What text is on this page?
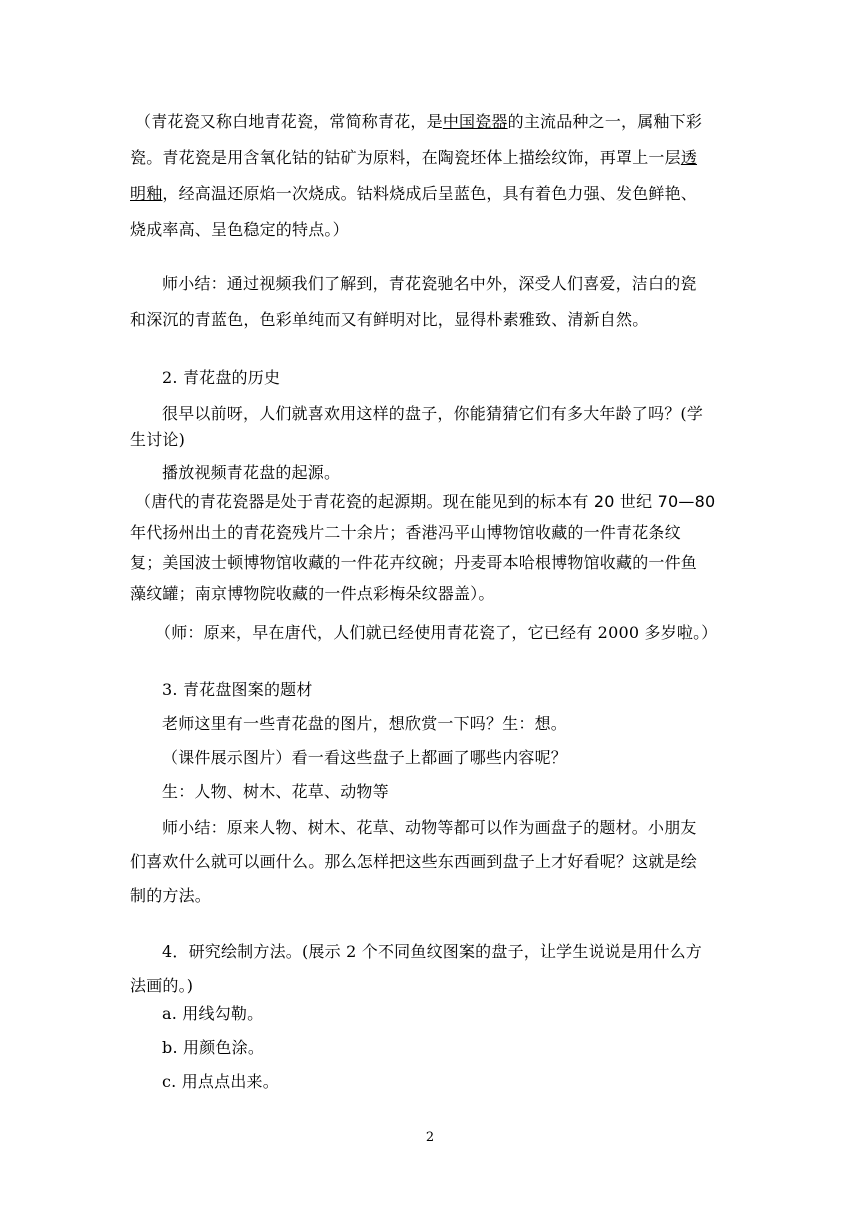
（青花瓷又称白地青花瓷，常简称青花，是中国瓷器的主流品种之一，属釉下彩
瓷。青花瓷是用含氧化钴的钴矿为原料，在陶瓷坯体上描绘纹饰，再罩上一层透
明釉，经高温还原焰一次烧成。钴料烧成后呈蓝色，具有着色力强、发色鲜艳、
烧成率高、呈色稳定的特点。）
师小结：通过视频我们了解到，青花瓷驰名中外，深受人们喜爱，洁白的瓷
和深沉的青蓝色，色彩单纯而又有鲜明对比，显得朴素雅致、清新自然。
2. 青花盘的历史
很早以前呀，人们就喜欢用这样的盘子，你能猜猜它们有多大年龄了吗？(学
生讨论)
播放视频青花盘的起源。
（唐代的青花瓷器是处于青花瓷的起源期。现在能见到的标本有 20 世纪 70—80
年代扬州出土的青花瓷残片二十余片；香港冯平山博物馆收藏的一件青花条纹
复；美国波士顿博物馆收藏的一件花卉纹碗；丹麦哥本哈根博物馆收藏的一件鱼
藻纹罐；南京博物院收藏的一件点彩梅朵纹器盖）。
（师：原来，早在唐代，人们就已经使用青花瓷了，它已经有 2000 多岁啦。）
3. 青花盘图案的题材
老师这里有一些青花盘的图片，想欣赏一下吗？生：想。
（课件展示图片）看一看这些盘子上都画了哪些内容呢？
生：人物、树木、花草、动物等
师小结：原来人物、树木、花草、动物等都可以作为画盘子的题材。小朋友
们喜欢什么就可以画什么。那么怎样把这些东西画到盘子上才好看呢？这就是绘
制的方法。
4．研究绘制方法。(展示 2 个不同鱼纹图案的盘子，让学生说说是用什么方
法画的。)
a. 用线勾勒。
b. 用颜色涂。
c. 用点点出来。
2
